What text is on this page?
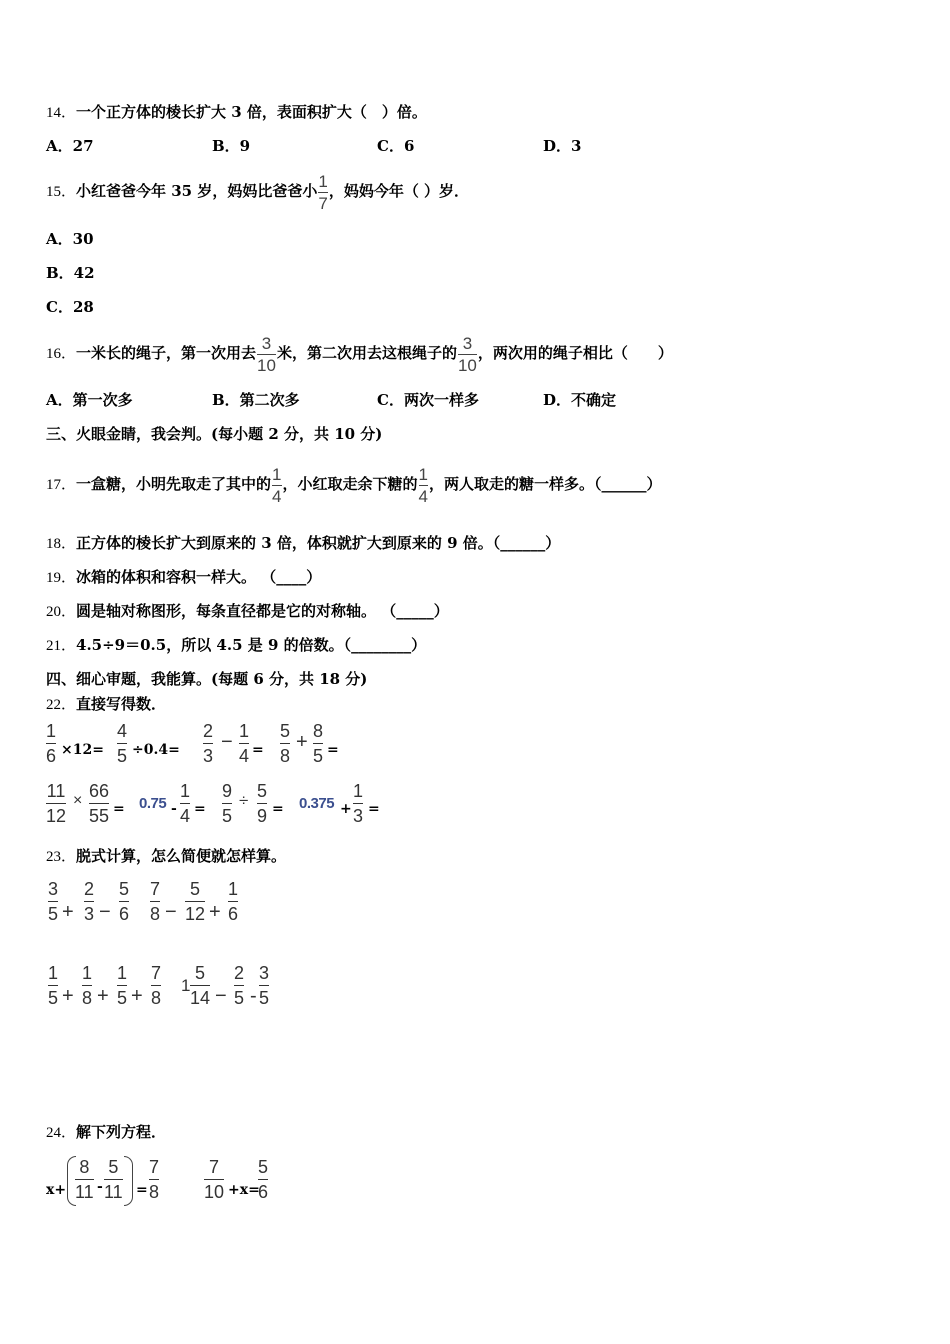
14．一个正方体的棱长扩大 3 倍，表面积扩大（　）倍。
A．27	B．9	C．6	D．3
15．小红爸爸今年 35 岁，妈妈比爸爸小 $\frac{1}{7}$ ，妈妈今年（ ）岁．
A．30
B．42
C．28
16．一米长的绳子，第一次用去 $\frac{3}{10}$ 米，第二次用去这根绳子的 $\frac{3}{10}$ ，两次用的绳子相比（　　）
A．第一次多	B．第二次多	C．两次一样多	D．不确定
三、火眼金睛，我会判。(每小题 2 分，共 10 分)
17．一盒糖，小明先取走了其中的 $\frac{1}{4}$ ，小红取走余下糖的 $\frac{1}{4}$ ，两人取走的糖一样多。（______）
18．正方体的棱长扩大到原来的 3 倍，体积就扩大到原来的 9 倍。（______）
19．冰箱的体积和容积一样大。 （____）
20．圆是轴对称图形，每条直径都是它的对称轴。 （_____）
21．4.5÷9＝0.5，所以 4.5 是 9 的倍数。（________）
四、细心审题，我能算。(每题 6 分，共 18 分)
22．直接写得数．
1
6 ×12=
4
5 ÷0.4=
2
3
− 1
4 =
5
8
+ 8
5 =
11
12
× 66
55 = 0.75 -
1
4 =
9
5
÷ 5
9 = 0.375 +
1
3 =
23．脱式计算，怎么简便就怎样算。
3
5 +
2
3 −
5
6
7
8 −
5
12 +
1
6
1
5 +
1
8 +
1
5 +
7
8
1
5
14 −
2
5 -
3
5
24．解下列方程．
x+
8
11 -
5
11 =
7
8
7
10 +x=
5
6
